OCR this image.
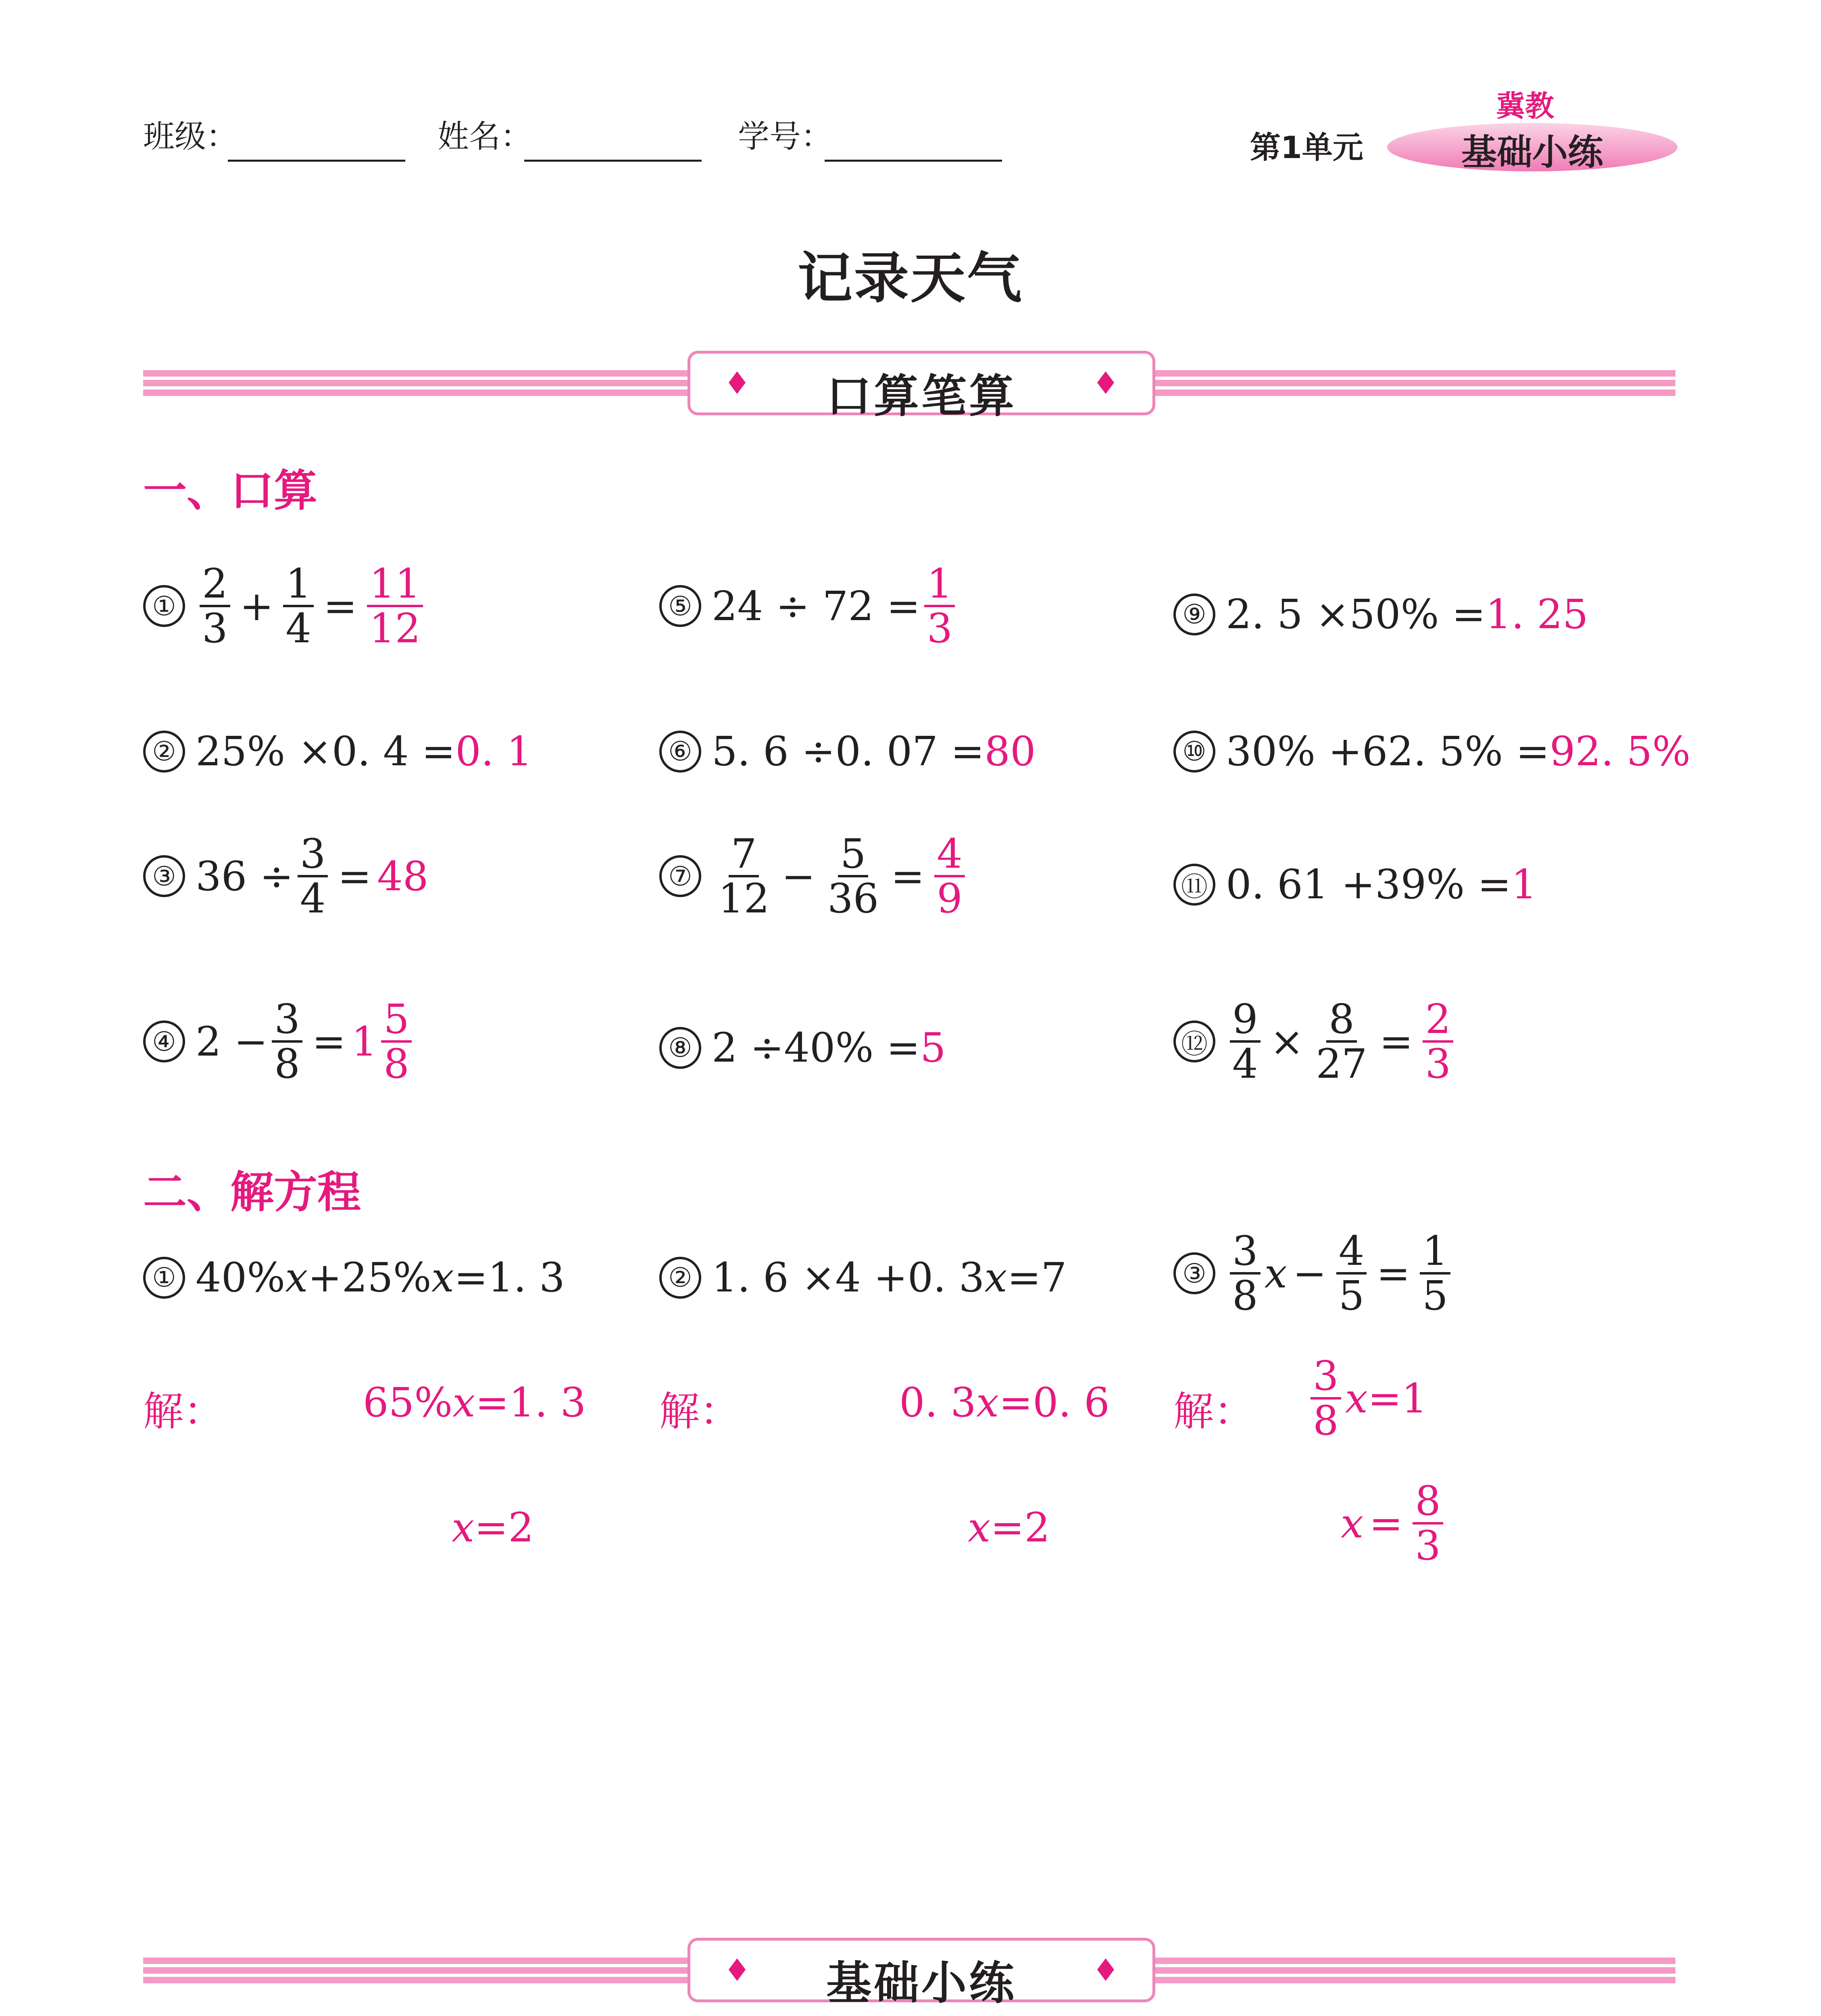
班级：	姓名：	学号：	第1单元
冀教
基础小练
记录天气
口算笔算
一、口算
① $\frac{2}{3} + \frac{1}{4} = \frac{11}{12}$	⑤ $24 \div 72 = \frac{1}{3}$	⑨ 2. 5 ×50% = 1. 25
② 25% ×0. 4 = 0. 1	⑥ 5. 6 ÷0. 07 = 80	⑩ 30% +62. 5% = 92. 5%
③ $36 \div \frac{3}{4} = 48$	⑦ $\frac{7}{12} - \frac{5}{36} = \frac{4}{9}$	⑪ 0. 61 +39% = 1
④ $2 - \frac{3}{8} = 1 \frac{5}{8}$	⑧ 2 ÷40% = 5	⑫ $\frac{9}{4} \times \frac{8}{27} = \frac{2}{3}$
二、解方程
① 40% x +25% x =1. 3	② 1. 6 ×4 +0. 3 x =7	③ $\frac{3}{8}$ $x - \frac{4}{5} = \frac{1}{5}$
解：	65% x =1. 3
x =2
解：	0. 3 x =0. 6
x =2
解： $\frac{3}{8}$ x =1
$x = \frac{8}{3}$
基础小练
